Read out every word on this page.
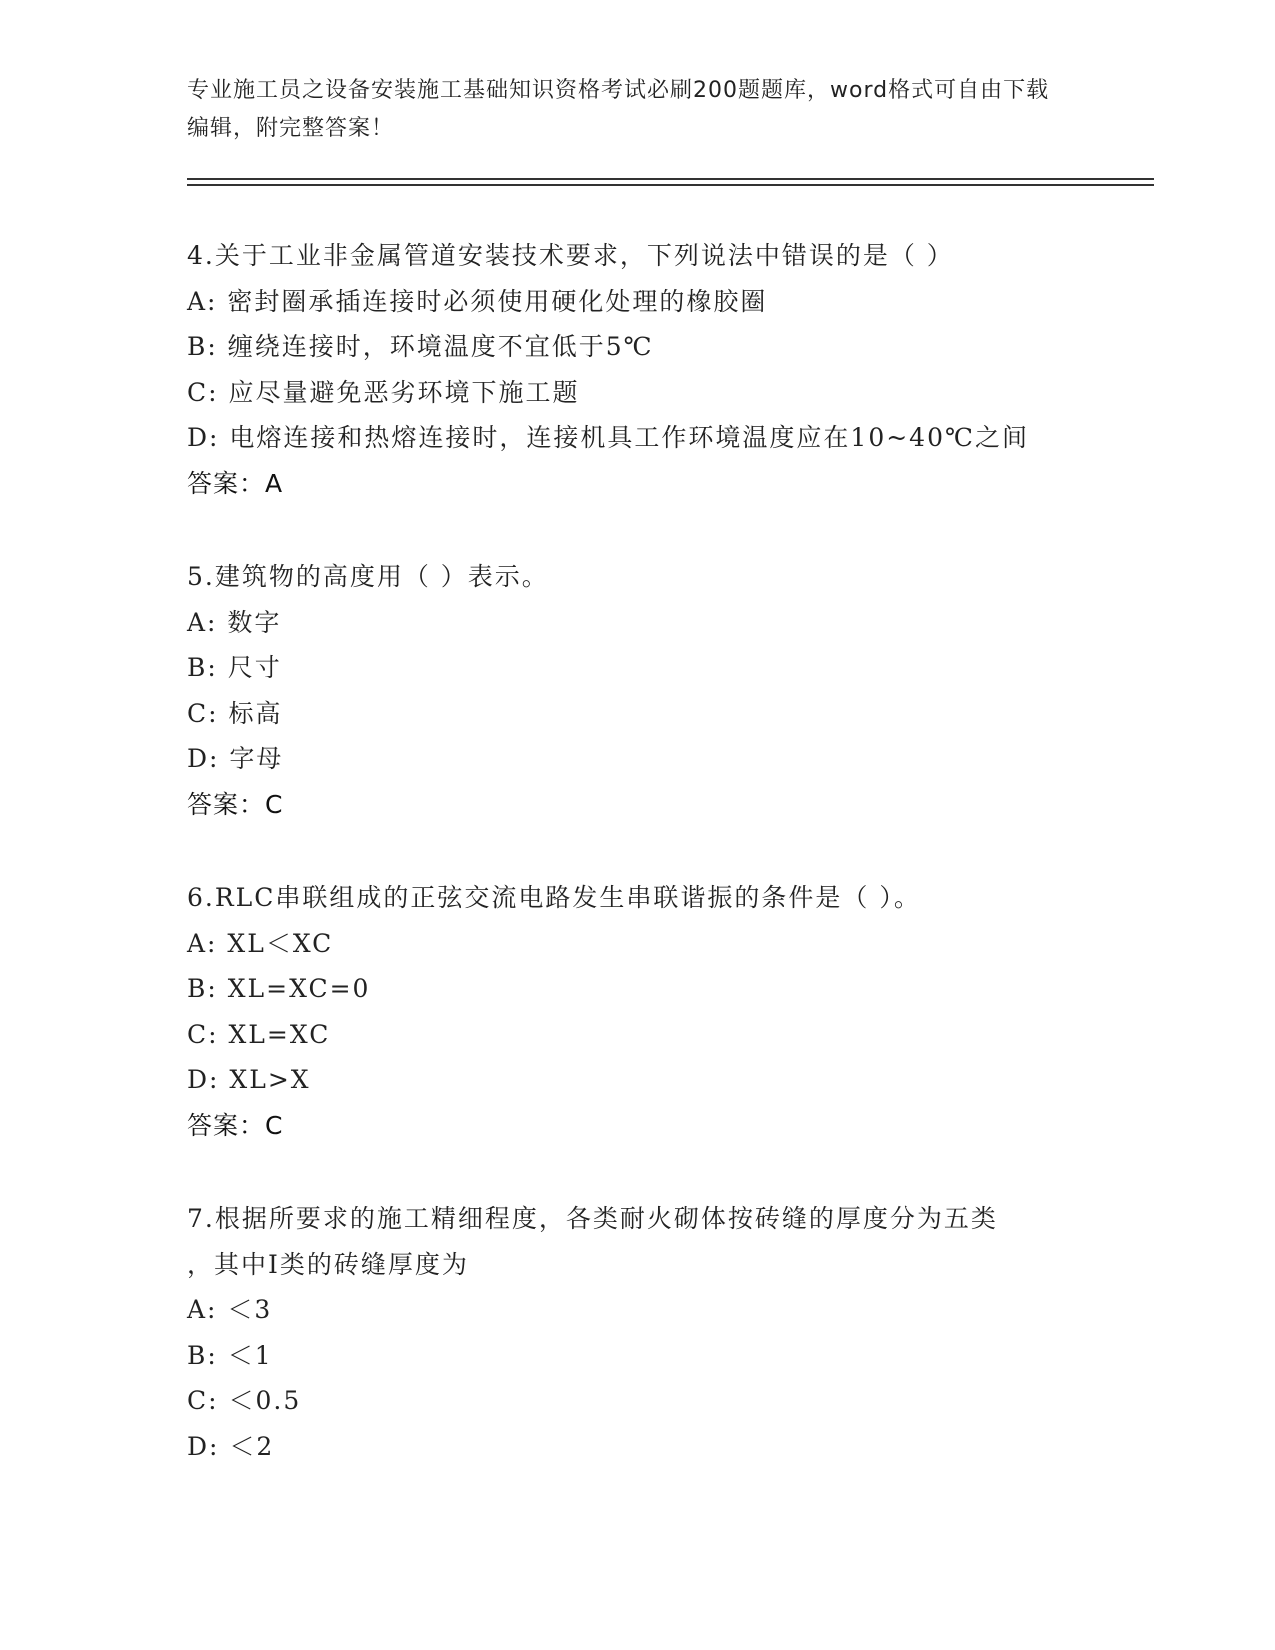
专业施工员之设备安装施工基础知识资格考试必刷200题题库，word格式可自由下载编辑，附完整答案！
4.关于工业非金属管道安装技术要求，下列说法中错误的是（ ）
A: 密封圈承插连接时必须使用硬化处理的橡胶圈
B: 缠绕连接时，环境温度不宜低于5℃
C: 应尽量避免恶劣环境下施工题
D: 电熔连接和热熔连接时，连接机具工作环境温度应在10~40℃之间
答案：A
5.建筑物的高度用（ ）表示。
A: 数字
B: 尺寸
C: 标高
D: 字母
答案：C
6.RLC串联组成的正弦交流电路发生串联谐振的条件是（ ）。
A: XL＜XC
B: XL=XC=0
C: XL=XC
D: XL>X
答案：C
7.根据所要求的施工精细程度，各类耐火砌体按砖缝的厚度分为五类
，其中Ⅰ类的砖缝厚度为
A: ＜3
B: ＜1
C: ＜0.5
D: ＜2
